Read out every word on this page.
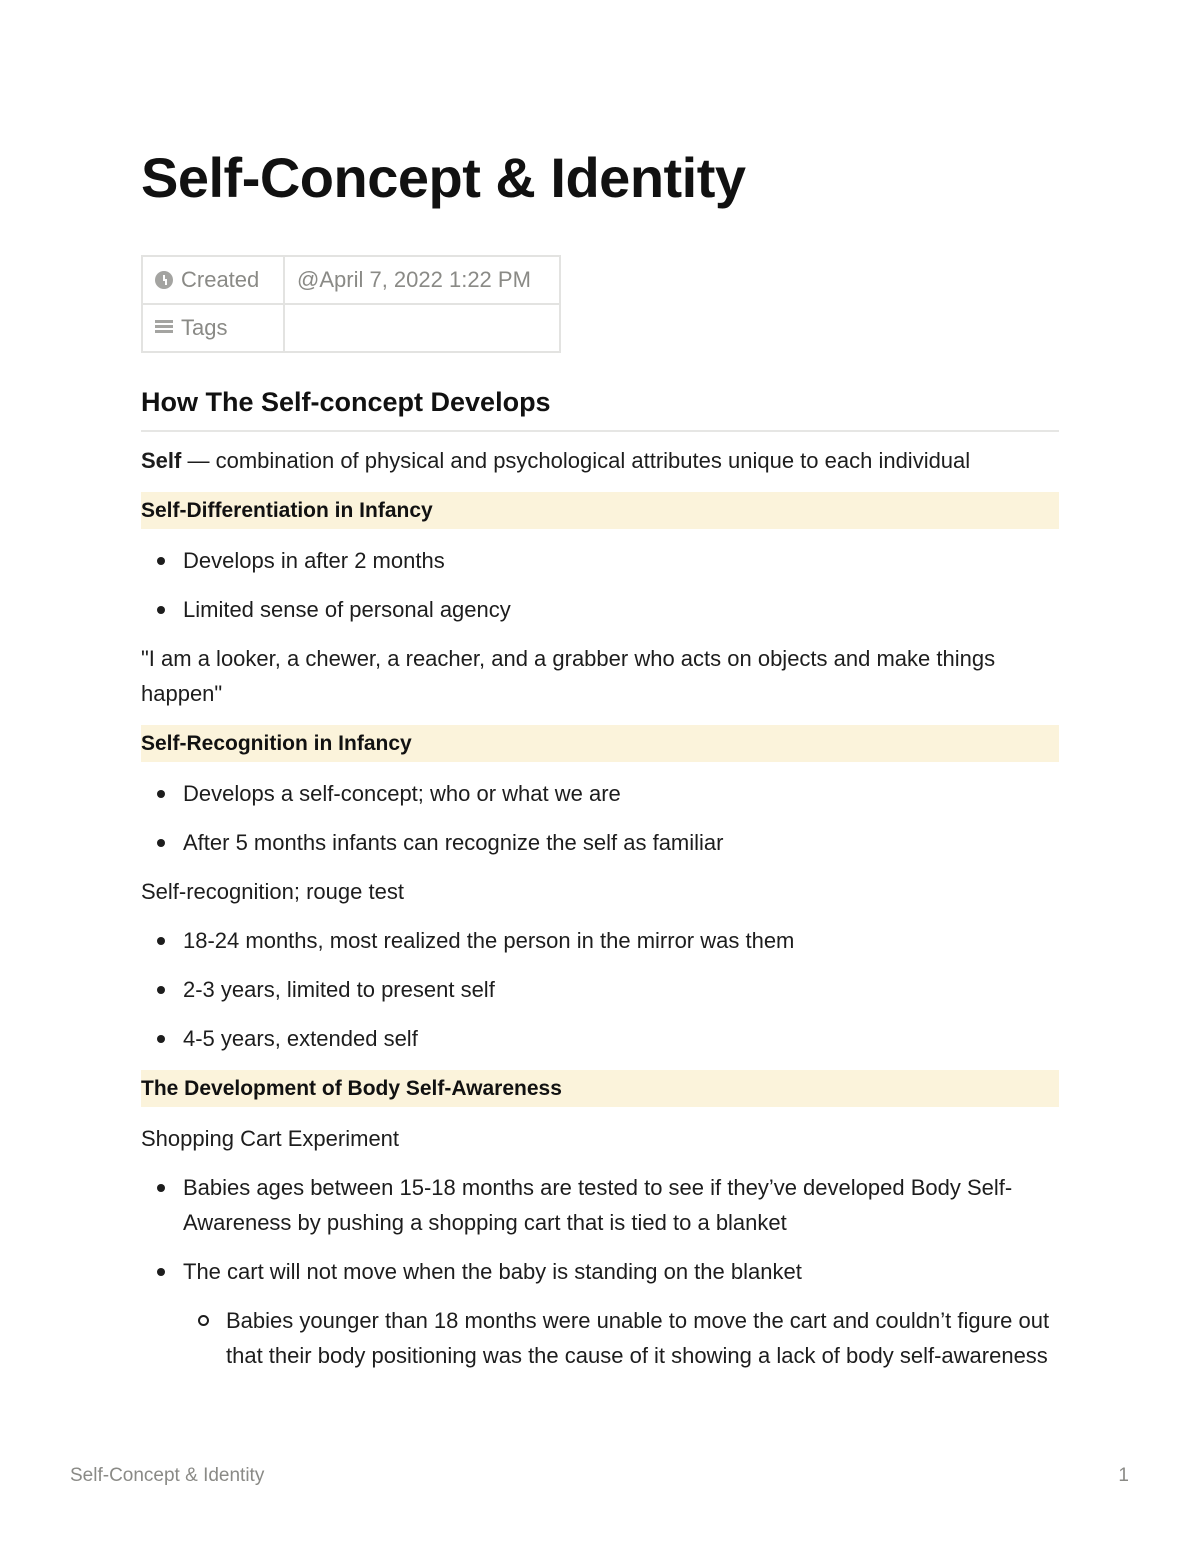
Self-Concept & Identity
Created	@April 7, 2022 1:22 PM
Tags	
How The Self-concept Develops

Self — combination of physical and psychological attributes unique to each individual

Self-Differentiation in Infancy
Develops in after 2 months
Limited sense of personal agency

"I am a looker, a chewer, a reacher, and a grabber who acts on objects and make things happen"

Self-Recognition in Infancy
Develops a self-concept; who or what we are
After 5 months infants can recognize the self as familiar

Self-recognition; rouge test

18-24 months, most realized the person in the mirror was them
2-3 years, limited to present self
4-5 years, extended self
The Development of Body Self-Awareness

Shopping Cart Experiment

Babies ages between 15-18 months are tested to see if they’ve developed Body Self-Awareness by pushing a shopping cart that is tied to a blanket
The cart will not move when the baby is standing on the blanket
Babies younger than 18 months were unable to move the cart and couldn’t figure out that their body positioning was the cause of it showing a lack of body self-awareness
Self-Concept & Identity	1
